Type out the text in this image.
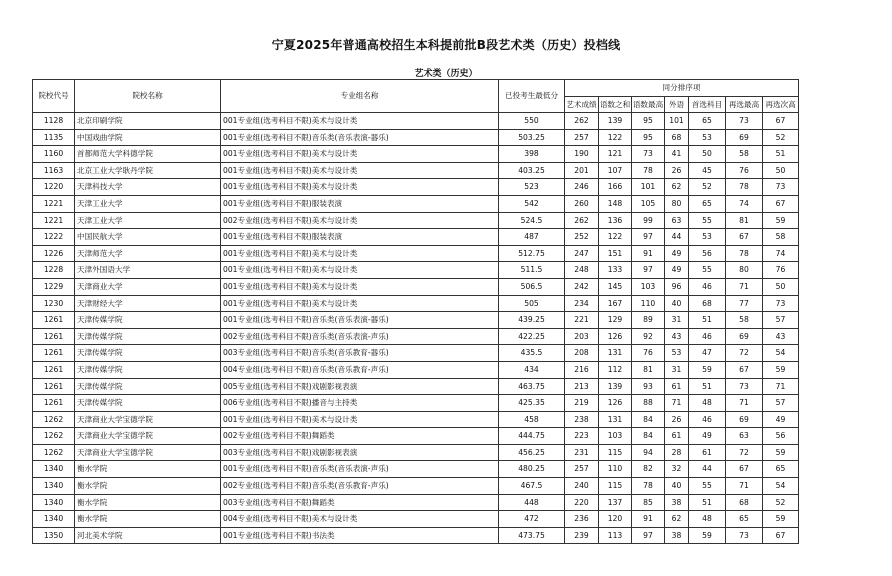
宁夏2025年普通高校招生本科提前批B段艺术类（历史）投档线
艺术类（历史）
院校代号	院校名称	专业组名称	已投考生最低分	同分排序项						
				艺术成绩	语数之和	语数最高	外语	首选科目	再选最高	再选次高
1128	北京印刷学院	001专业组(选考科目不限)美术与设计类	550	262	139	95	101	65	73	67
1135	中国戏曲学院	001专业组(选考科目不限)音乐类(音乐表演-器乐)	503.25	257	122	95	68	53	69	52
1160	首都师范大学科德学院	001专业组(选考科目不限)美术与设计类	398	190	121	73	41	50	58	51
1163	北京工业大学耿丹学院	001专业组(选考科目不限)美术与设计类	403.25	201	107	78	26	45	76	50
1220	天津科技大学	001专业组(选考科目不限)美术与设计类	523	246	166	101	62	52	78	73
1221	天津工业大学	001专业组(选考科目不限)服装表演	542	260	148	105	80	65	74	67
1221	天津工业大学	002专业组(选考科目不限)美术与设计类	524.5	262	136	99	63	55	81	59
1222	中国民航大学	001专业组(选考科目不限)服装表演	487	252	122	97	44	53	67	58
1226	天津师范大学	001专业组(选考科目不限)美术与设计类	512.75	247	151	91	49	56	78	74
1228	天津外国语大学	001专业组(选考科目不限)美术与设计类	511.5	248	133	97	49	55	80	76
1229	天津商业大学	001专业组(选考科目不限)美术与设计类	506.5	242	145	103	96	46	71	50
1230	天津财经大学	001专业组(选考科目不限)美术与设计类	505	234	167	110	40	68	77	73
1261	天津传媒学院	001专业组(选考科目不限)音乐类(音乐表演-器乐)	439.25	221	129	89	31	51	58	57
1261	天津传媒学院	002专业组(选考科目不限)音乐类(音乐表演-声乐)	422.25	203	126	92	43	46	69	43
1261	天津传媒学院	003专业组(选考科目不限)音乐类(音乐教育-器乐)	435.5	208	131	76	53	47	72	54
1261	天津传媒学院	004专业组(选考科目不限)音乐类(音乐教育-声乐)	434	216	112	81	31	59	67	59
1261	天津传媒学院	005专业组(选考科目不限)戏剧影视表演	463.75	213	139	93	61	51	73	71
1261	天津传媒学院	006专业组(选考科目不限)播音与主持类	425.35	219	126	88	71	48	71	57
1262	天津商业大学宝德学院	001专业组(选考科目不限)美术与设计类	458	238	131	84	26	46	69	49
1262	天津商业大学宝德学院	002专业组(选考科目不限)舞蹈类	444.75	223	103	84	61	49	63	56
1262	天津商业大学宝德学院	003专业组(选考科目不限)戏剧影视表演	456.25	231	115	94	28	61	72	59
1340	衡水学院	001专业组(选考科目不限)音乐类(音乐表演-声乐)	480.25	257	110	82	32	44	67	65
1340	衡水学院	002专业组(选考科目不限)音乐类(音乐教育-声乐)	467.5	240	115	78	40	55	71	54
1340	衡水学院	003专业组(选考科目不限)舞蹈类	448	220	137	85	38	51	68	52
1340	衡水学院	004专业组(选考科目不限)美术与设计类	472	236	120	91	62	48	65	59
1350	河北美术学院	001专业组(选考科目不限)书法类	473.75	239	113	97	38	59	73	67
